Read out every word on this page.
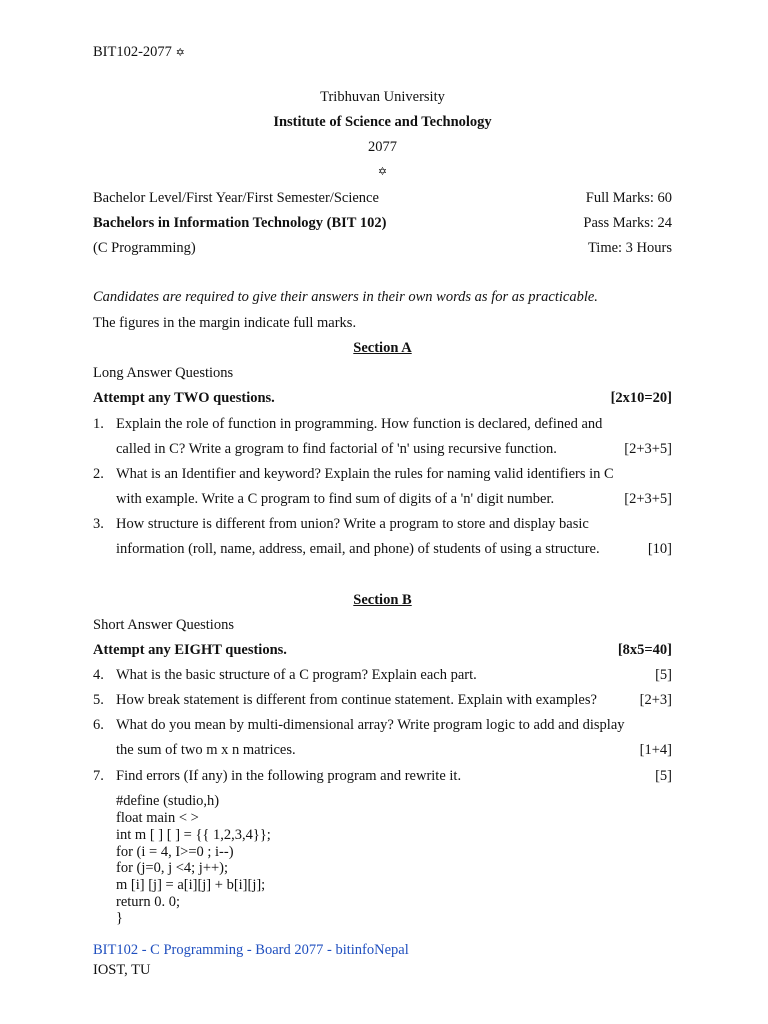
BIT102-2077 ✡
Tribhuvan University
Institute of Science and Technology
2077
✡
Bachelor Level/First Year/First Semester/Science	Full Marks: 60
Bachelors in Information Technology (BIT 102)	Pass Marks: 24
(C Programming)	Time: 3 Hours
Candidates are required to give their answers in their own words as for as practicable.
The figures in the margin indicate full marks.
Section A
Long Answer Questions
Attempt any TWO questions.	[2x10=20]
1. Explain the role of function in programming. How function is declared, defined and
called in C? Write a grogram to find factorial of 'n' using recursive function.	[2+3+5]
2. What is an Identifier and keyword? Explain the rules for naming valid identifiers in C
with example. Write a C program to find sum of digits of a 'n' digit number.	[2+3+5]
3. How structure is different from union? Write a program to store and display basic
information (roll, name, address, email, and phone) of students of using a structure.	[10]
Section B
Short Answer Questions
Attempt any EIGHT questions.	[8x5=40]
4. What is the basic structure of a C program? Explain each part.	[5]
5. How break statement is different from continue statement. Explain with examples?	[2+3]
6. What do you mean by multi-dimensional array? Write program logic to add and display
the sum of two m x n matrices.	[1+4]
7. Find errors (If any) in the following program and rewrite it.	[5]
#define (studio,h)
float main < >
int m [ ] [ ] = {{ 1,2,3,4}};
for (i = 4, I>=0 ; i--)
for (j=0, j <4; j++);
m [i] [j] = a[i][j] + b[i][j];
return 0. 0;
}
BIT102 - C Programming - Board 2077 - bitinfoNepal
IOST, TU
